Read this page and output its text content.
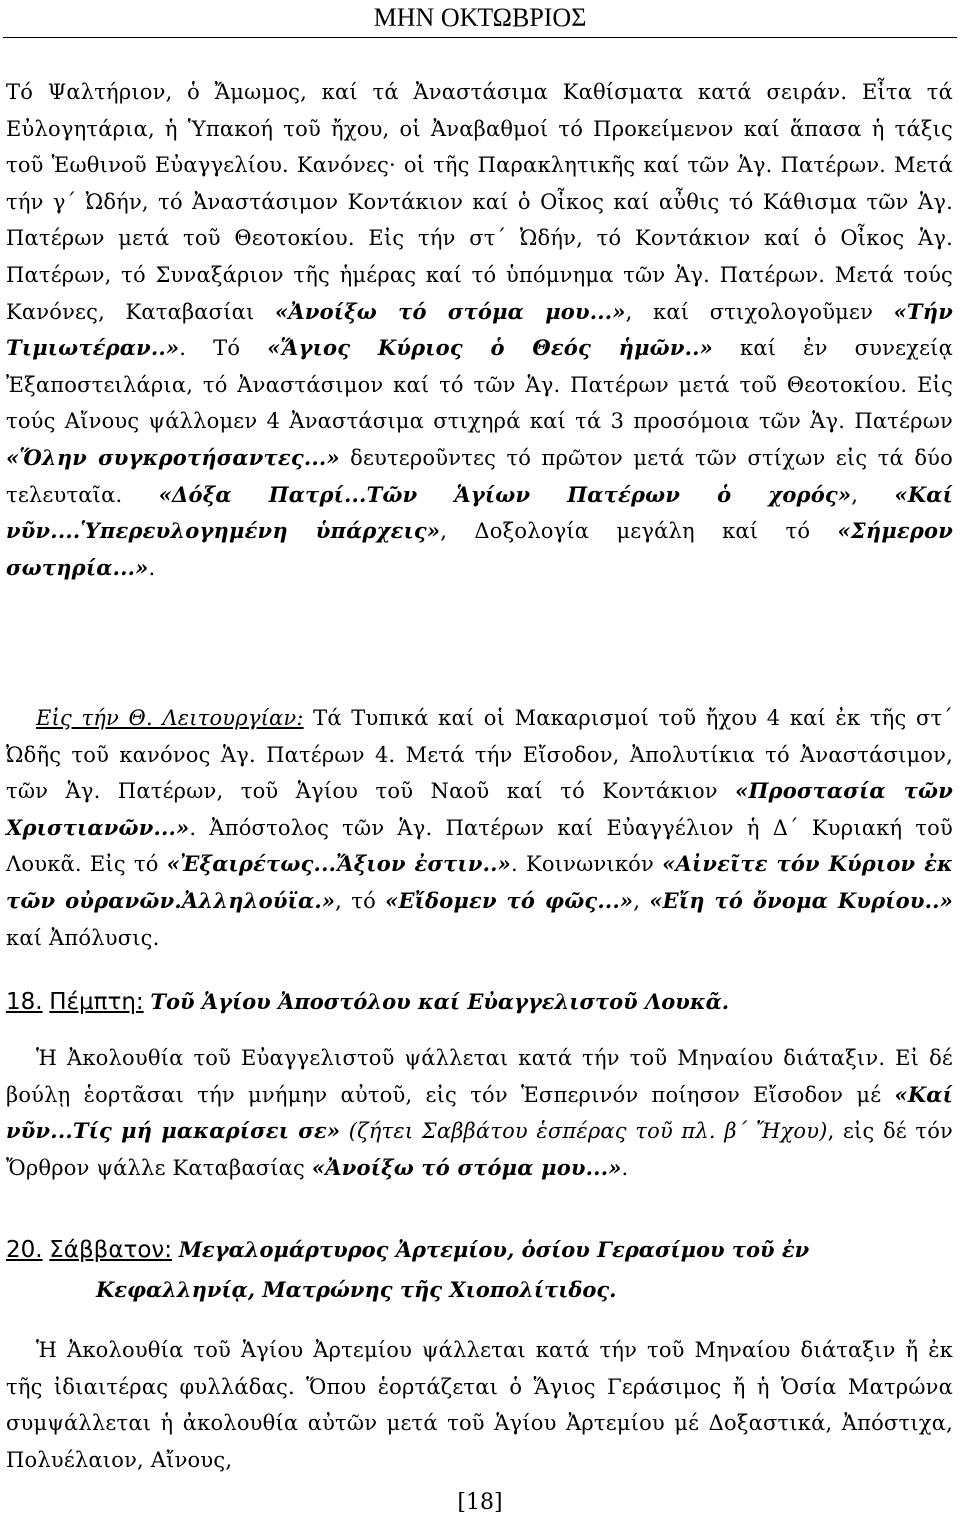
ΜΗΝ ΟΚΤΩΒΡΙΟΣ
Τό Ψαλτήριον, ὁ Ἄμωμος, καί τά Ἀναστάσιμα Καθίσματα κατά σειράν. Εἶτα τά Εὐλογητάρια, ἡ Ὑπακοή τοῦ ἤχου, οἱ Ἀναβαθμοί τό Προκείμενον καί ἅπασα ἡ τάξις τοῦ Ἑωθινοῦ Εὐαγγελίου. Κανόνες· οἱ τῆς Παρακλητικῆς καί τῶν Ἁγ. Πατέρων. Μετά τήν γ΄ Ὠδήν, τό Ἀναστάσιμον Κοντάκιον καί ὁ Οἶκος καί αὖθις τό Κάθισμα τῶν Ἁγ. Πατέρων μετά τοῦ Θεοτοκίου. Εἰς τήν στ΄ Ὠδήν, τό Κοντάκιον καί ὁ Οἶκος Ἁγ. Πατέρων, τό Συναξάριον τῆς ἡμέρας καί τό ὑπόμνημα τῶν Ἁγ. Πατέρων. Μετά τούς Κανόνες, Καταβασίαι «Ἀνοίξω τό στόμα μου...», καί στιχολογοῦμεν «Τήν Τιμιωτέραν..». Τό «Ἅγιος Κύριος ὁ Θεός ἡμῶν..» καί ἐν συνεχείᾳ Ἐξαποστειλάρια, τό Ἀναστάσιμον καί τό τῶν Ἁγ. Πατέρων μετά τοῦ Θεοτοκίου. Εἰς τούς Αἴνους ψάλλομεν 4 Ἀναστάσιμα στιχηρά καί τά 3 προσόμοια τῶν Ἁγ. Πατέρων «Ὅλην συγκροτήσαντες...» δευτεροῦντες τό πρῶτον μετά τῶν στίχων εἰς τά δύο τελευταῖα. «Δόξα Πατρί...Τῶν Ἁγίων Πατέρων ὁ χορός», «Καί νῦν....Ὑπερευλογημένη ὑπάρχεις», Δοξολογία μεγάλη καί τό «Σήμερον σωτηρία...».
Εἰς τήν Θ. Λειτουργίαν: Τά Τυπικά καί οἱ Μακαρισμοί τοῦ ἤχου 4 καί ἐκ τῆς στ΄ Ὠδῆς τοῦ κανόνος Ἁγ. Πατέρων 4. Μετά τήν Εἴσοδον, Ἀπολυτίκια τό Ἀναστάσιμον, τῶν Ἁγ. Πατέρων, τοῦ Ἁγίου τοῦ Ναοῦ καί τό Κοντάκιον «Προστασία τῶν Χριστιανῶν...». Ἀπόστολος τῶν Ἁγ. Πατέρων καί Εὐαγγέλιον ἡ Δ΄ Κυριακή τοῦ Λουκᾶ. Εἰς τό «Ἐξαιρέτως...Ἄξιον ἐστιν..». Κοινωνικόν «Αἰνεῖτε τόν Κύριον ἐκ τῶν οὐρανῶν.Ἀλληλούϊα.», τό «Εἴδομεν τό φῶς...», «Εἴη τό ὄνομα Κυρίου..» καί Ἀπόλυσις.
18. Πέμπτη: Τοῦ Ἁγίου Ἀποστόλου καί Εὐαγγελιστοῦ Λουκᾶ.
Ἡ Ἀκολουθία τοῦ Εὐαγγελιστοῦ ψάλλεται κατά τήν τοῦ Μηναίου διάταξιν. Εἰ δέ βούλῃ ἑορτᾶσαι τήν μνήμην αὐτοῦ, εἰς τόν Ἑσπερινόν ποίησον Εἴσοδον μέ «Καί νῦν...Τίς μή μακαρίσει σε» (ζήτει Σαββάτου ἑσπέρας τοῦ πλ. β΄ Ἤχου), εἰς δέ τόν Ὄρθρον ψάλλε Καταβασίας «Ἀνοίξω τό στόμα μου...».
20. Σάββατον: Μεγαλομάρτυρος Ἀρτεμίου, ὁσίου Γερασίμου τοῦ ἐν
Κεφαλληνίᾳ, Ματρώνης τῆς Χιοπολίτιδος.
Ἡ Ἀκολουθία τοῦ Ἁγίου Ἀρτεμίου ψάλλεται κατά τήν τοῦ Μηναίου διάταξιν ἤ ἐκ τῆς ἰδιαιτέρας φυλλάδας. Ὅπου ἑορτάζεται ὁ Ἅγιος Γεράσιμος ἤ ἡ Ὁσία Ματρώνα συμψάλλεται ἡ ἀκολουθία αὐτῶν μετά τοῦ Ἁγίου Ἀρτεμίου μέ Δοξαστικά, Ἀπόστιχα, Πολυέλαιον, Αἴνους,
[18]
